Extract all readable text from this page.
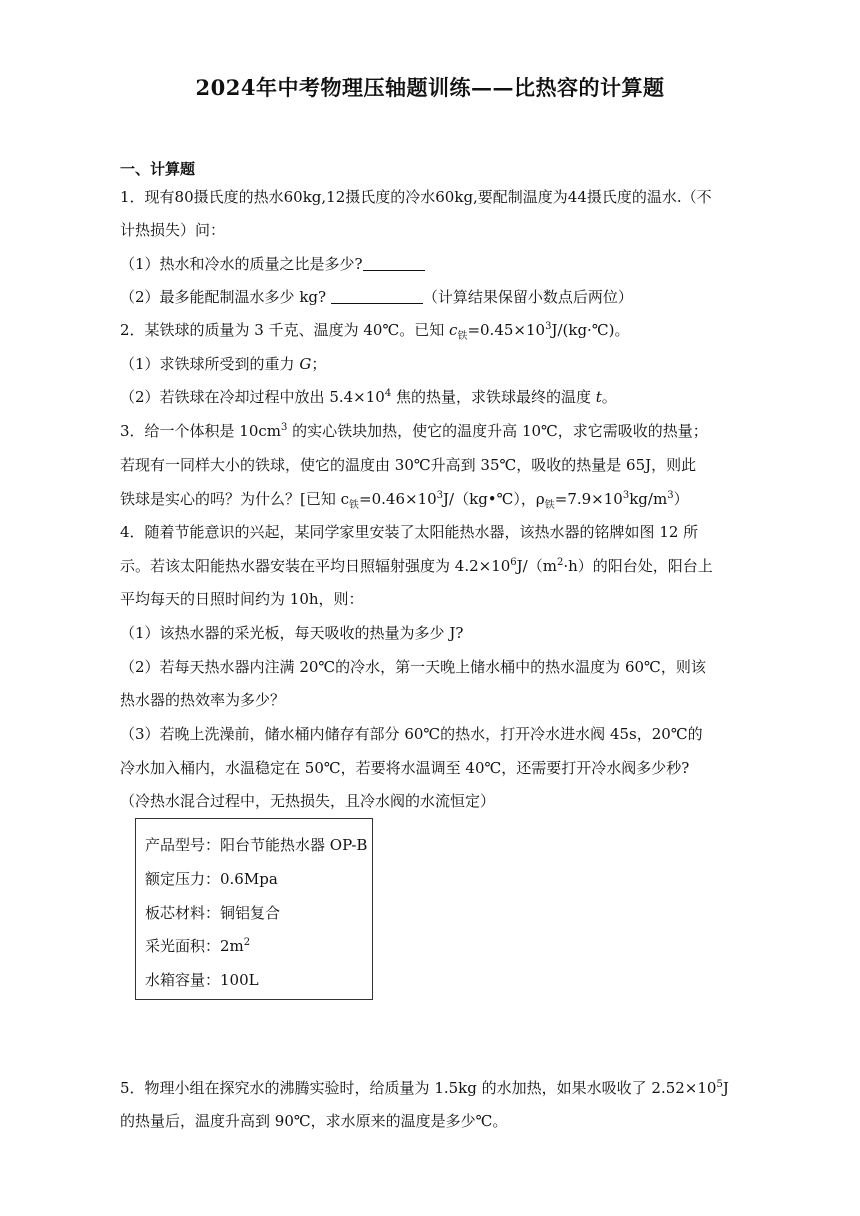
2024年中考物理压轴题训练——比热容的计算题
一、计算题
1．现有80摄氏度的热水60kg,12摄氏度的冷水60kg,要配制温度为44摄氏度的温水.（不
计热损失）问：
（1）热水和冷水的质量之比是多少?
（2）最多能配制温水多少 kg?	（计算结果保留小数点后两位）
2．某铁球的质量为 3 千克、温度为 40℃。已知 $c_铁=0.45\times 10^3J/(kg\cdot℃)$。
（1）求铁球所受到的重力 G；
（2）若铁球在冷却过程中放出 $5.4\times 10^4$ 焦的热量，求铁球最终的温度 t。
3．给一个体积是 $10cm^3$ 的实心铁块加热，使它的温度升高 10℃，求它需吸收的热量；
若现有一同样大小的铁球，使它的温度由 30℃升高到 35℃，吸收的热量是 65J，则此
铁球是实心的吗？为什么？[已知 $c_铁=0.46\times 10^3J/(kg•℃)$，$\rho_铁=7.9\times 10^3kg/m^3$）
4．随着节能意识的兴起，某同学家里安装了太阳能热水器，该热水器的铭牌如图 12 所
示。若该太阳能热水器安装在平均日照辐射强度为 $4.2\times 10^6J/(m^2\cdot h)$的阳台处，阳台上
平均每天的日照时间约为 10h，则：
（1）该热水器的采光板，每天吸收的热量为多少 J?
（2）若每天热水器内注满 20℃的冷水，第一天晚上储水桶中的热水温度为 60℃，则该
热水器的热效率为多少？
（3）若晚上洗澡前，储水桶内储存有部分 60℃的热水，打开冷水进水阀 45s，20℃的
冷水加入桶内，水温稳定在 50℃，若要将水温调至 40℃，还需要打开冷水阀多少秒?
（冷热水混合过程中，无热损失，且冷水阀的水流恒定）
产品型号：阳台节能热水器 OP-B
额定压力：0.6Mpa
板芯材料：铜铝复合
采光面积：$2m^2$
水箱容量：100L
5．物理小组在探究水的沸腾实验时，给质量为 1.5kg 的水加热，如果水吸收了 $2.52\times 10^5J$
的热量后，温度升高到 90℃，求水原来的温度是多少℃。
